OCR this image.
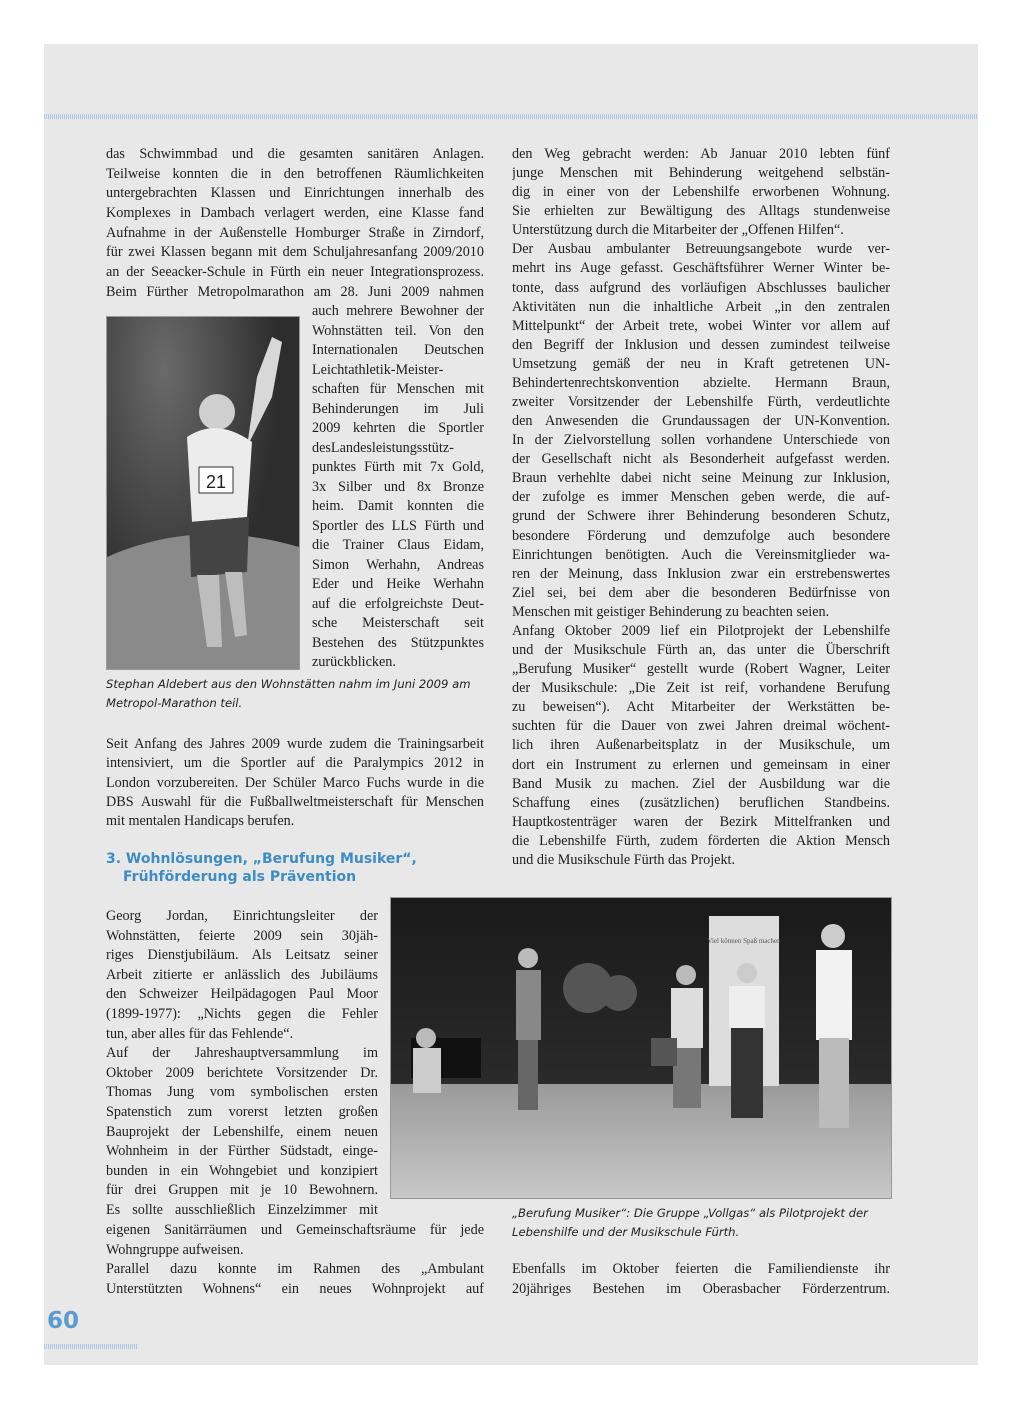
21
Stephan Aldebert aus den Wohnstätten nahm im Juni 2009 am
Metropol-Marathon teil.
3. Wohnlösungen, „Berufung Musiker“,
Frühförderung als Prävention
Viel können Spaß machen
„Berufung Musiker“: Die Gruppe „Vollgas“ als Pilotprojekt der
Lebenshilfe und der Musikschule Fürth.
das Schwimmbad und die gesamten sanitären Anlagen.
Teilweise konnten die in den betroffenen Räumlichkeiten
untergebrachten Klassen und Einrichtungen innerhalb des
Komplexes in Dambach verlagert werden, eine Klasse fand
Aufnahme in der Außenstelle Homburger Straße in Zirndorf,
für zwei Klassen begann mit dem Schuljahresanfang 2009/2010
an der Seeacker-Schule in Fürth ein neuer Integrationsprozess.
Beim Fürther Metropolmarathon am 28. Juni 2009 nahmen
auch mehrere Bewohner der
Wohnstätten teil. Von den
Internationalen Deutschen
Leichtathletik-Meister-
schaften für Menschen mit
Behinderungen im Juli
2009 kehrten die Sportler
desLandesleistungsstütz-
punktes Fürth mit 7x Gold,
3x Silber und 8x Bronze
heim. Damit konnten die
Sportler des LLS Fürth und
die Trainer Claus Eidam,
Simon Werhahn, Andreas
Eder und Heike Werhahn
auf die erfolgreichste Deut-
sche Meisterschaft seit
Bestehen des Stützpunktes
zurückblicken.
Seit Anfang des Jahres 2009 wurde zudem die Trainingsarbeit
intensiviert, um die Sportler auf die Paralympics 2012 in
London vorzubereiten. Der Schüler Marco Fuchs wurde in die
DBS Auswahl für die Fußballweltmeisterschaft für Menschen
mit mentalen Handicaps berufen.
Georg Jordan, Einrichtungsleiter der
Wohnstätten, feierte 2009 sein 30jäh-
riges Dienstjubiläum. Als Leitsatz seiner
Arbeit zitierte er anlässlich des Jubiläums
den Schweizer Heilpädagogen Paul Moor
(1899-1977): „Nichts gegen die Fehler
tun, aber alles für das Fehlende“.
Auf der Jahreshauptversammlung im
Oktober 2009 berichtete Vorsitzender Dr.
Thomas Jung vom symbolischen ersten
Spatenstich zum vorerst letzten großen
Bauprojekt der Lebenshilfe, einem neuen
Wohnheim in der Fürther Südstadt, einge-
bunden in ein Wohngebiet und konzipiert
für drei Gruppen mit je 10 Bewohnern.
Es sollte ausschließlich Einzelzimmer mit
eigenen Sanitärräumen und Gemeinschaftsräume für jede
Wohngruppe aufweisen.
Parallel dazu konnte im Rahmen des „Ambulant
Unterstützten Wohnens“ ein neues Wohnprojekt auf
den Weg gebracht werden: Ab Januar 2010 lebten fünf
junge Menschen mit Behinderung weitgehend selbstän-
dig in einer von der Lebenshilfe erworbenen Wohnung.
Sie erhielten zur Bewältigung des Alltags stundenweise
Unterstützung durch die Mitarbeiter der „Offenen Hilfen“.
Der Ausbau ambulanter Betreuungsangebote wurde ver-
mehrt ins Auge gefasst. Geschäftsführer Werner Winter be-
tonte, dass aufgrund des vorläufigen Abschlusses baulicher
Aktivitäten nun die inhaltliche Arbeit „in den zentralen
Mittelpunkt“ der Arbeit trete, wobei Winter vor allem auf
den Begriff der Inklusion und dessen zumindest teilweise
Umsetzung gemäß der neu in Kraft getretenen UN-
Behindertenrechtskonvention abzielte. Hermann Braun,
zweiter Vorsitzender der Lebenshilfe Fürth, verdeutlichte
den Anwesenden die Grundaussagen der UN-Konvention.
In der Zielvorstellung sollen vorhandene Unterschiede von
der Gesellschaft nicht als Besonderheit aufgefasst werden.
Braun verhehlte dabei nicht seine Meinung zur Inklusion,
der zufolge es immer Menschen geben werde, die auf-
grund der Schwere ihrer Behinderung besonderen Schutz,
besondere Förderung und demzufolge auch besondere
Einrichtungen benötigten. Auch die Vereinsmitglieder wa-
ren der Meinung, dass Inklusion zwar ein erstrebenswertes
Ziel sei, bei dem aber die besonderen Bedürfnisse von
Menschen mit geistiger Behinderung zu beachten seien.
Anfang Oktober 2009 lief ein Pilotprojekt der Lebenshilfe
und der Musikschule Fürth an, das unter die Überschrift
„Berufung Musiker“ gestellt wurde (Robert Wagner, Leiter
der Musikschule: „Die Zeit ist reif, vorhandene Berufung
zu beweisen“). Acht Mitarbeiter der Werkstätten be-
suchten für die Dauer von zwei Jahren dreimal wöchent-
lich ihren Außenarbeitsplatz in der Musikschule, um
dort ein Instrument zu erlernen und gemeinsam in einer
Band Musik zu machen. Ziel der Ausbildung war die
Schaffung eines (zusätzlichen) beruflichen Standbeins.
Hauptkostenträger waren der Bezirk Mittelfranken und
die Lebenshilfe Fürth, zudem förderten die Aktion Mensch
und die Musikschule Fürth das Projekt.
Ebenfalls im Oktober feierten die Familiendienste ihr
20jähriges Bestehen im Oberasbacher Förderzentrum.
60
